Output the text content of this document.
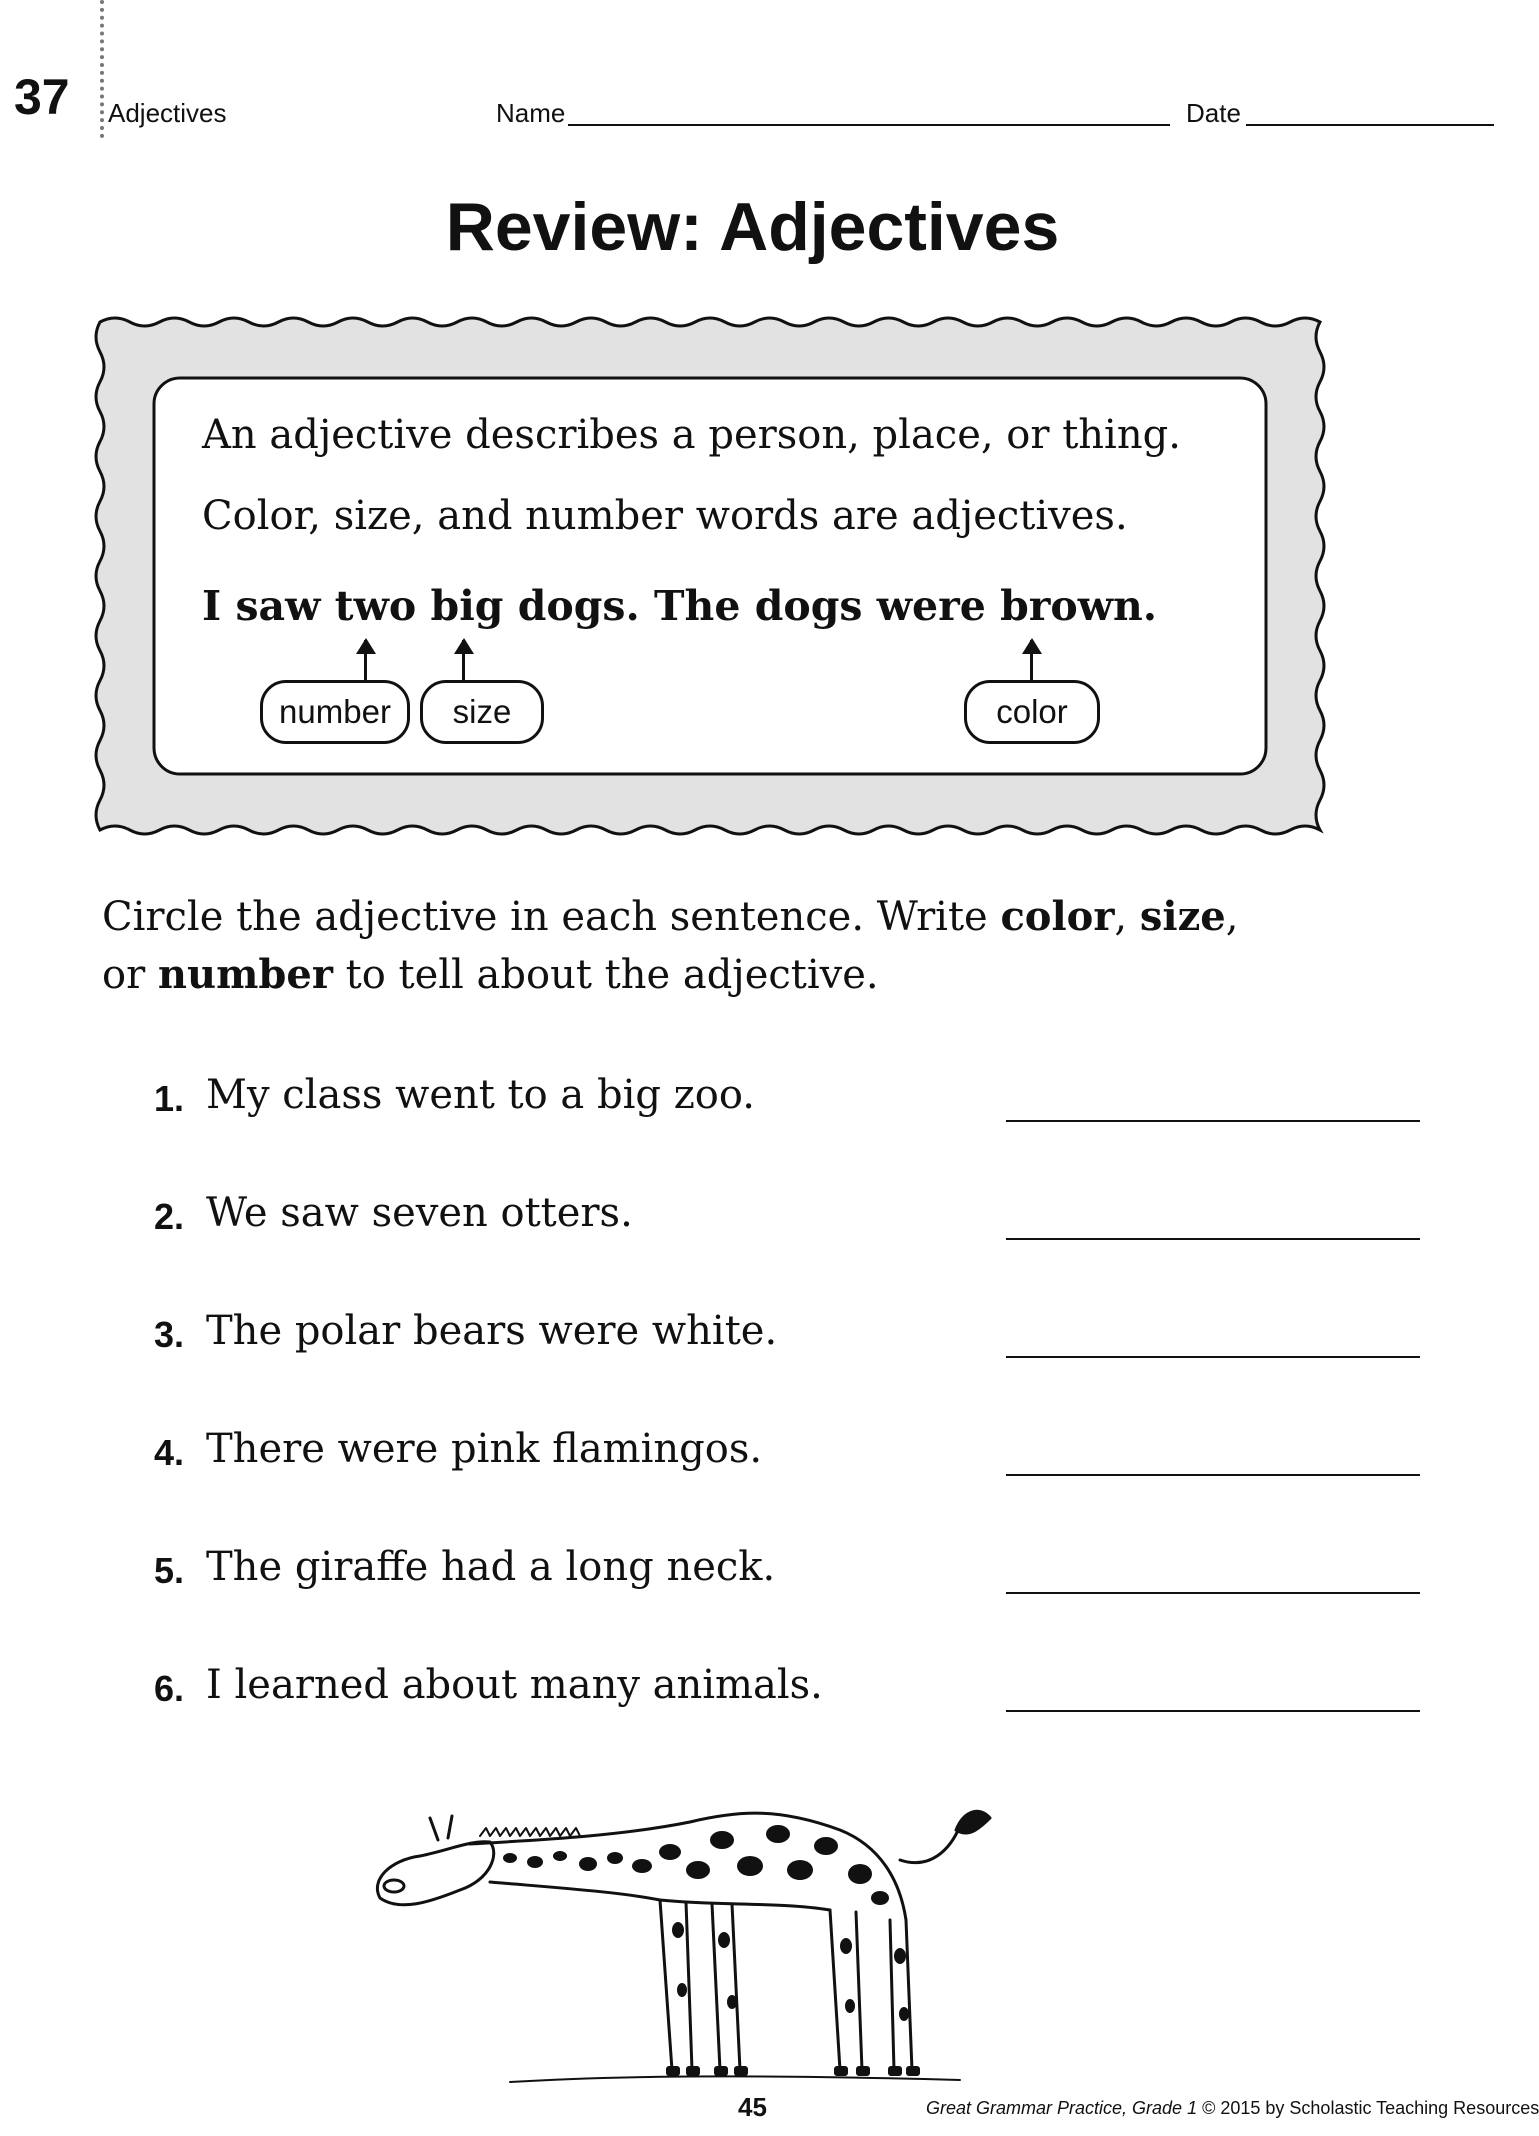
37 Adjectives	Name	Date
Review: Adjectives
An adjective describes a person, place, or thing.
Color, size, and number words are adjectives.
I saw two big dogs. The dogs were brown.
number	size	color
Circle the adjective in each sentence. Write color, size,
or number to tell about the adjective.
1. My class went to a big zoo.
2. We saw seven otters.
3. The polar bears were white.
4. There were pink flamingos.
5. The giraffe had a long neck.
6. I learned about many animals.
45	Great Grammar Practice, Grade 1 © 2015 by Scholastic Teaching Resources
